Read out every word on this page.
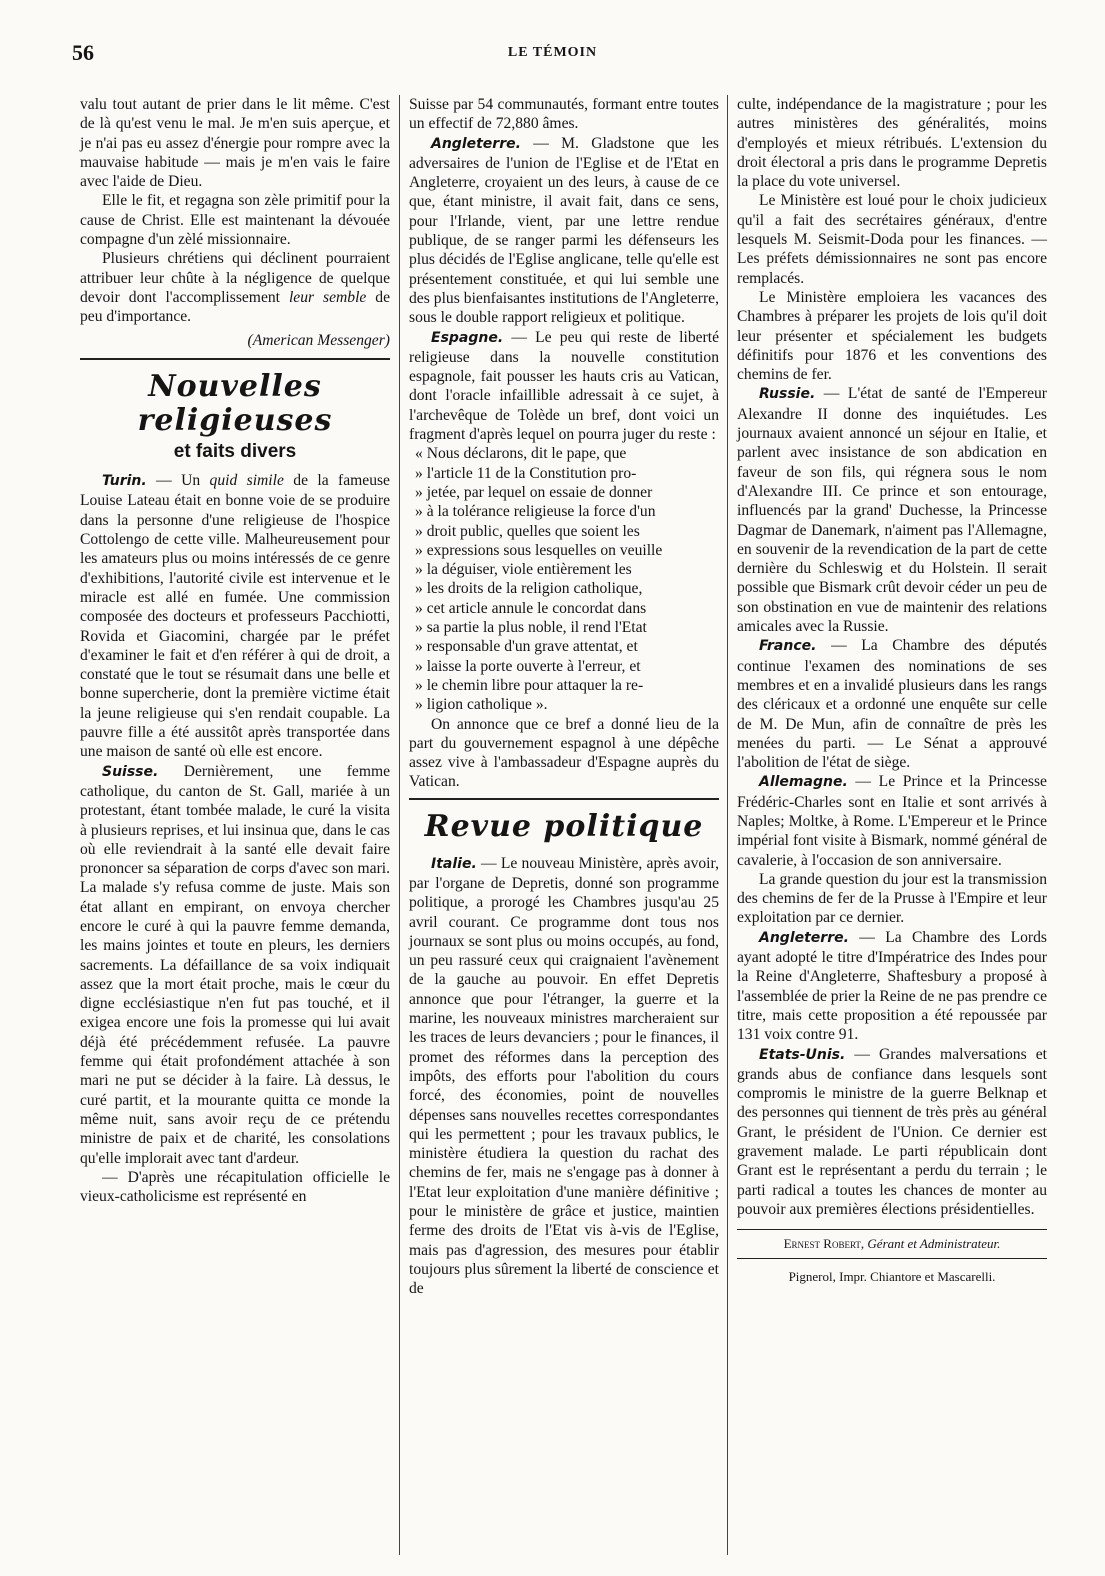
56	LE TÉMOIN

valu tout autant de prier dans le lit même. C'est de là qu'est venu le mal. Je m'en suis aperçue, et je n'ai pas eu assez d'énergie pour rompre avec la mauvaise habitude — mais je m'en vais le faire avec l'aide de Dieu.

Elle le fit, et regagna son zèle primitif pour la cause de Christ. Elle est maintenant la dévouée compagne d'un zèlé missionnaire.

Plusieurs chrétiens qui déclinent pourraient attribuer leur chûte à la négligence de quelque devoir dont l'accomplissement leur semble de peu d'importance.

(American Messenger)
Nouvelles religieuses
et faits divers

Turin. — Un quid simile de la fameuse Louise Lateau était en bonne voie de se produire dans la personne d'une religieuse de l'hospice Cottolengo de cette ville. Malheureusement pour les amateurs plus ou moins intéressés de ce genre d'exhibitions, l'autorité civile est intervenue et le miracle est allé en fumée. Une commission composée des docteurs et professeurs Pacchiotti, Rovida et Giacomini, chargée par le préfet d'examiner le fait et d'en référer à qui de droit, a constaté que le tout se résumait dans une belle et bonne supercherie, dont la première victime était la jeune religieuse qui s'en rendait coupable. La pauvre fille a été aussitôt après transportée dans une maison de santé où elle est encore.

Suisse. Dernièrement, une femme catholique, du canton de St. Gall, mariée à un protestant, étant tombée malade, le curé la visita à plusieurs reprises, et lui insinua que, dans le cas où elle reviendrait à la santé elle devait faire prononcer sa séparation de corps d'avec son mari. La malade s'y refusa comme de juste. Mais son état allant en empirant, on envoya chercher encore le curé à qui la pauvre femme demanda, les mains jointes et toute en pleurs, les derniers sacrements. La défaillance de sa voix indiquait assez que la mort était proche, mais le cœur du digne ecclésiastique n'en fut pas touché, et il exigea encore une fois la promesse qui lui avait déjà été précédemment refusée. La pauvre femme qui était profondément attachée à son mari ne put se décider à la faire. Là dessus, le curé partit, et la mourante quitta ce monde la même nuit, sans avoir reçu de ce prétendu ministre de paix et de charité, les consolations qu'elle implorait avec tant d'ardeur.

— D'après une récapitulation officielle le vieux-catholicisme est représenté en

Suisse par 54 communautés, formant entre toutes un effectif de 72,880 âmes.

Angleterre. — M. Gladstone que les adversaires de l'union de l'Eglise et de l'Etat en Angleterre, croyaient un des leurs, à cause de ce que, étant ministre, il avait fait, dans ce sens, pour l'Irlande, vient, par une lettre rendue publique, de se ranger parmi les défenseurs les plus décidés de l'Eglise anglicane, telle qu'elle est présentement constituée, et qui lui semble une des plus bienfaisantes institutions de l'Angleterre, sous le double rapport religieux et politique.

Espagne. — Le peu qui reste de liberté religieuse dans la nouvelle constitution espagnole, fait pousser les hauts cris au Vatican, dont l'oracle infaillible adressait à ce sujet, à l'archevêque de Tolède un bref, dont voici un fragment d'après lequel on pourra juger du reste :

« Nous déclarons, dit le pape, que

» l'article 11 de la Constitution pro-

» jetée, par lequel on essaie de donner

» à la tolérance religieuse la force d'un

» droit public, quelles que soient les

» expressions sous lesquelles on veuille

» la déguiser, viole entièrement les

» les droits de la religion catholique,

» cet article annule le concordat dans

» sa partie la plus noble, il rend l'Etat

» responsable d'un grave attentat, et

» laisse la porte ouverte à l'erreur, et

» le chemin libre pour attaquer la re-

» ligion catholique ».

On annonce que ce bref a donné lieu de la part du gouvernement espagnol à une dépêche assez vive à l'ambassadeur d'Espagne auprès du Vatican.

Revue politique

Italie. — Le nouveau Ministère, après avoir, par l'organe de Depretis, donné son programme politique, a prorogé les Chambres jusqu'au 25 avril courant. Ce programme dont tous nos journaux se sont plus ou moins occupés, au fond, un peu rassuré ceux qui craignaient l'avènement de la gauche au pouvoir. En effet Depretis annonce que pour l'étranger, la guerre et la marine, les nouveaux ministres marcheraient sur les traces de leurs devanciers ; pour le finances, il promet des réformes dans la perception des impôts, des efforts pour l'abolition du cours forcé, des économies, point de nouvelles dépenses sans nouvelles recettes correspondantes qui les permettent ; pour les travaux publics, le ministère étudiera la question du rachat des chemins de fer, mais ne s'engage pas à donner à l'Etat leur exploitation d'une manière définitive ; pour le ministère de grâce et justice, maintien ferme des droits de l'Etat vis à-vis de l'Eglise, mais pas d'agression, des mesures pour établir toujours plus sûrement la liberté de conscience et de

culte, indépendance de la magistrature ; pour les autres ministères des généralités, moins d'employés et mieux rétribués. L'extension du droit électoral a pris dans le programme Depretis la place du vote universel.

Le Ministère est loué pour le choix judicieux qu'il a fait des secrétaires généraux, d'entre lesquels M. Seismit-Doda pour les finances. — Les préfets démissionnaires ne sont pas encore remplacés.

Le Ministère emploiera les vacances des Chambres à préparer les projets de lois qu'il doit leur présenter et spécialement les budgets définitifs pour 1876 et les conventions des chemins de fer.

Russie. — L'état de santé de l'Empereur Alexandre II donne des inquiétudes. Les journaux avaient annoncé un séjour en Italie, et parlent avec insistance de son abdication en faveur de son fils, qui régnera sous le nom d'Alexandre III. Ce prince et son entourage, influencés par la grand' Duchesse, la Princesse Dagmar de Danemark, n'aiment pas l'Allemagne, en souvenir de la revendication de la part de cette dernière du Schleswig et du Holstein. Il serait possible que Bismark crût devoir céder un peu de son obstination en vue de maintenir des relations amicales avec la Russie.

France. — La Chambre des députés continue l'examen des nominations de ses membres et en a invalidé plusieurs dans les rangs des cléricaux et a ordonné une enquête sur celle de M. De Mun, afin de connaître de près les menées du parti. — Le Sénat a approuvé l'abolition de l'état de siège.

Allemagne. — Le Prince et la Princesse Frédéric-Charles sont en Italie et sont arrivés à Naples; Moltke, à Rome. L'Empereur et le Prince impérial font visite à Bismark, nommé général de cavalerie, à l'occasion de son anniversaire.

La grande question du jour est la transmission des chemins de fer de la Prusse à l'Empire et leur exploitation par ce dernier.

Angleterre. — La Chambre des Lords ayant adopté le titre d'Impératrice des Indes pour la Reine d'Angleterre, Shaftesbury a proposé à l'assemblée de prier la Reine de ne pas prendre ce titre, mais cette proposition a été repoussée par 131 voix contre 91.

Etats-Unis. — Grandes malversations et grands abus de confiance dans lesquels sont compromis le ministre de la guerre Belknap et des personnes qui tiennent de très près au général Grant, le président de l'Union. Ce dernier est gravement malade. Le parti républicain dont Grant est le représentant a perdu du terrain ; le parti radical a toutes les chances de monter au pouvoir aux premières élections présidentielles.

Ernest Robert, Gérant et Administrateur.
Pignerol, Impr. Chiantore et Mascarelli.
